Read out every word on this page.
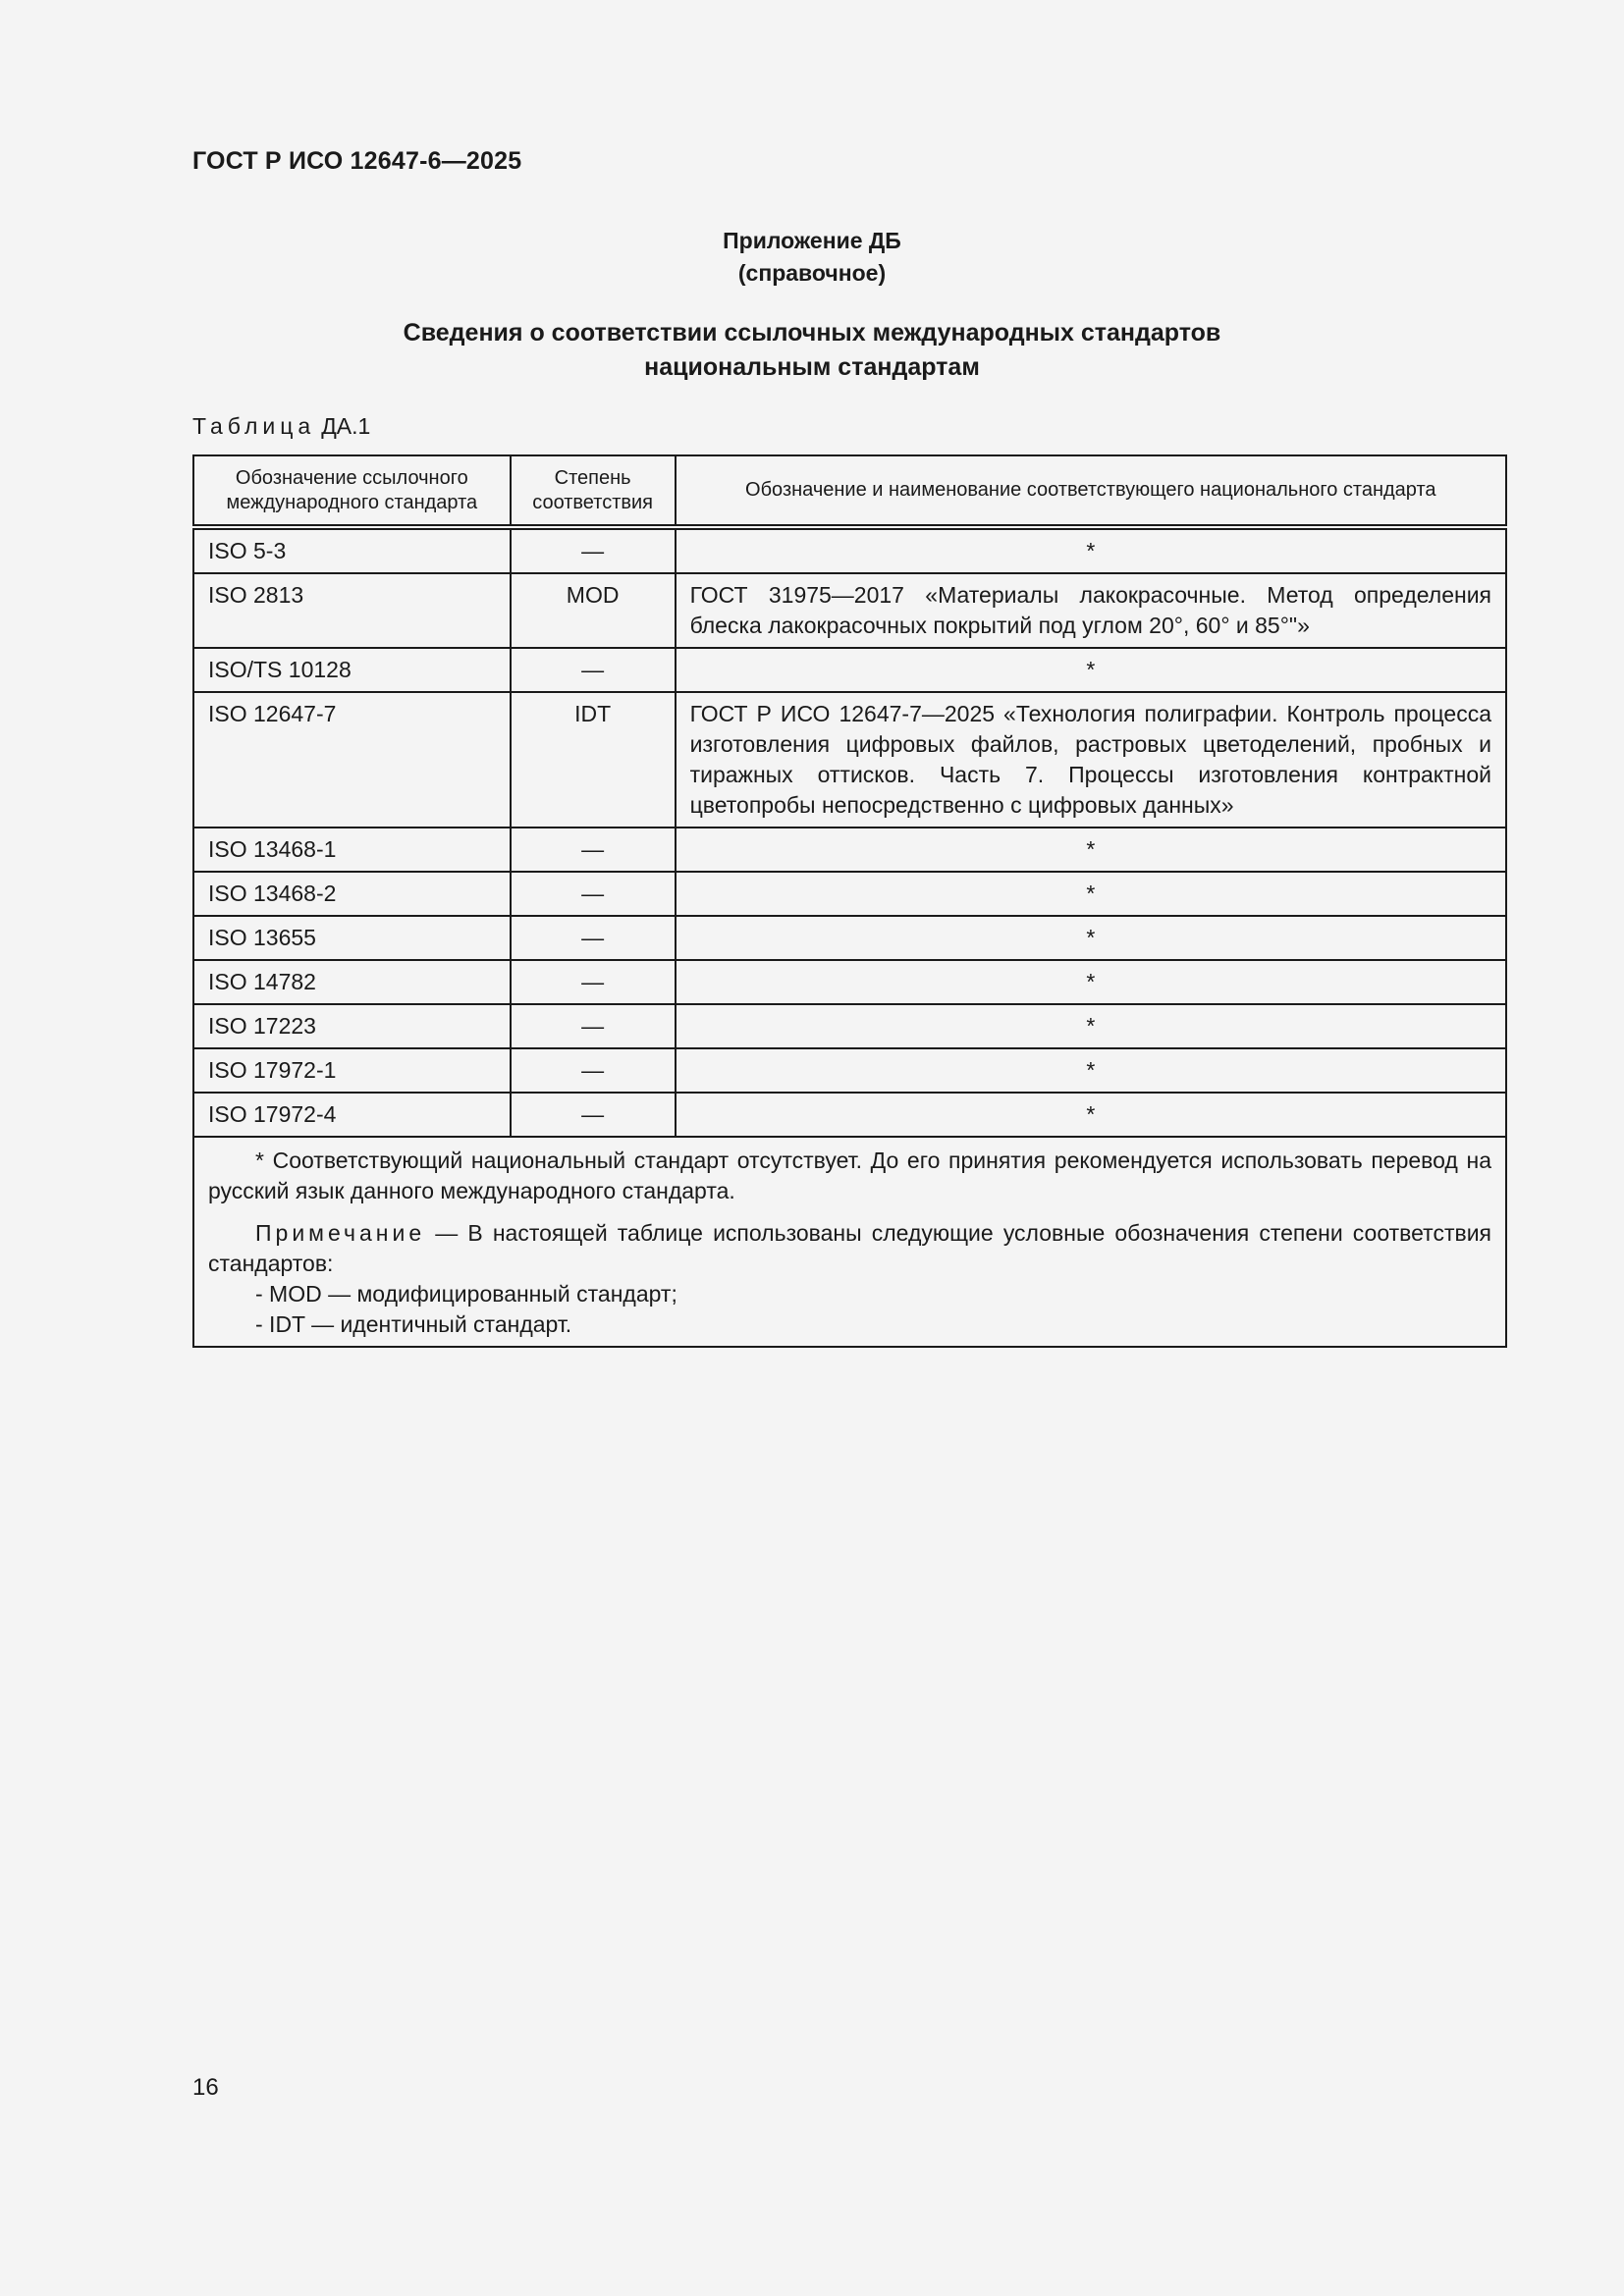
ГОСТ Р ИСО 12647-6—2025
Приложение ДБ
(справочное)
Сведения о соответствии ссылочных международных стандартов
национальным стандартам
Таблица ДА.1
Обозначение ссылочного международного стандарта	Степень соответствия	Обозначение и наименование соответствующего национального стандарта
ISO 5-3	—	*
ISO 2813	MOD	ГОСТ 31975—2017 «Материалы лакокрасочные. Метод определения блеска лакокрасочных покрытий под углом 20°, 60° и 85°"»
ISO/TS 10128	—	*
ISO 12647-7	IDT	ГОСТ Р ИСО 12647-7—2025 «Технология полиграфии. Контроль процесса изготовления цифровых файлов, растровых цветоделений, пробных и тиражных оттисков. Часть 7. Процессы изготовления контрактной цветопробы непосредственно с цифровых данных»
ISO 13468-1	—	*
ISO 13468-2	—	*
ISO 13655	—	*
ISO 14782	—	*
ISO 17223	—	*
ISO 17972-1	—	*
ISO 17972-4	—	*

* Соответствующий национальный стандарт отсутствует. До его принятия рекомендуется использовать перевод на русский язык данного международного стандарта.

Примечание — В настоящей таблице использованы следующие условные обозначения степени соответствия стандартов:

- MOD — модифицированный стандарт;
- IDT — идентичный стандарт.		
16
